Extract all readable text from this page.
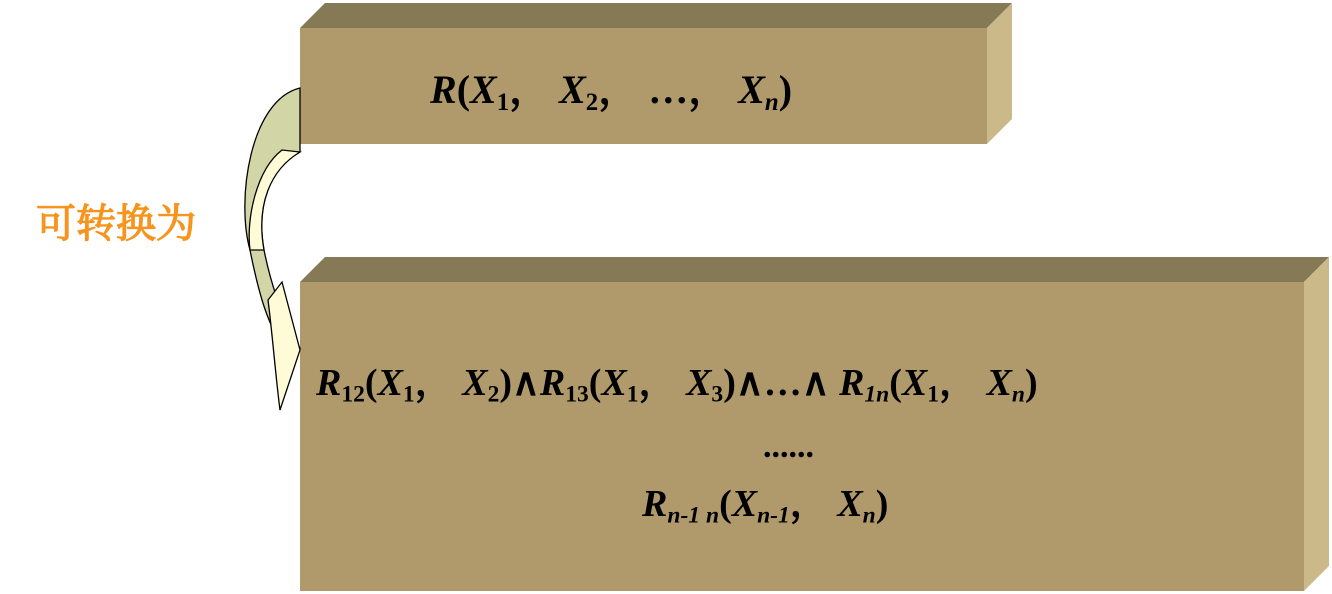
可转换为
$R(X_1$， $X_2$， …， $X_n$)
$R_{12}(X_1$， $X_2)\wedge R_{13}(X_1$， $X_3)\wedge\dots\wedge$ $R_{1n}(X_1$， $X_n$)
......
$R_{n-1 n}(X_{n-1}$， $X_n$)
